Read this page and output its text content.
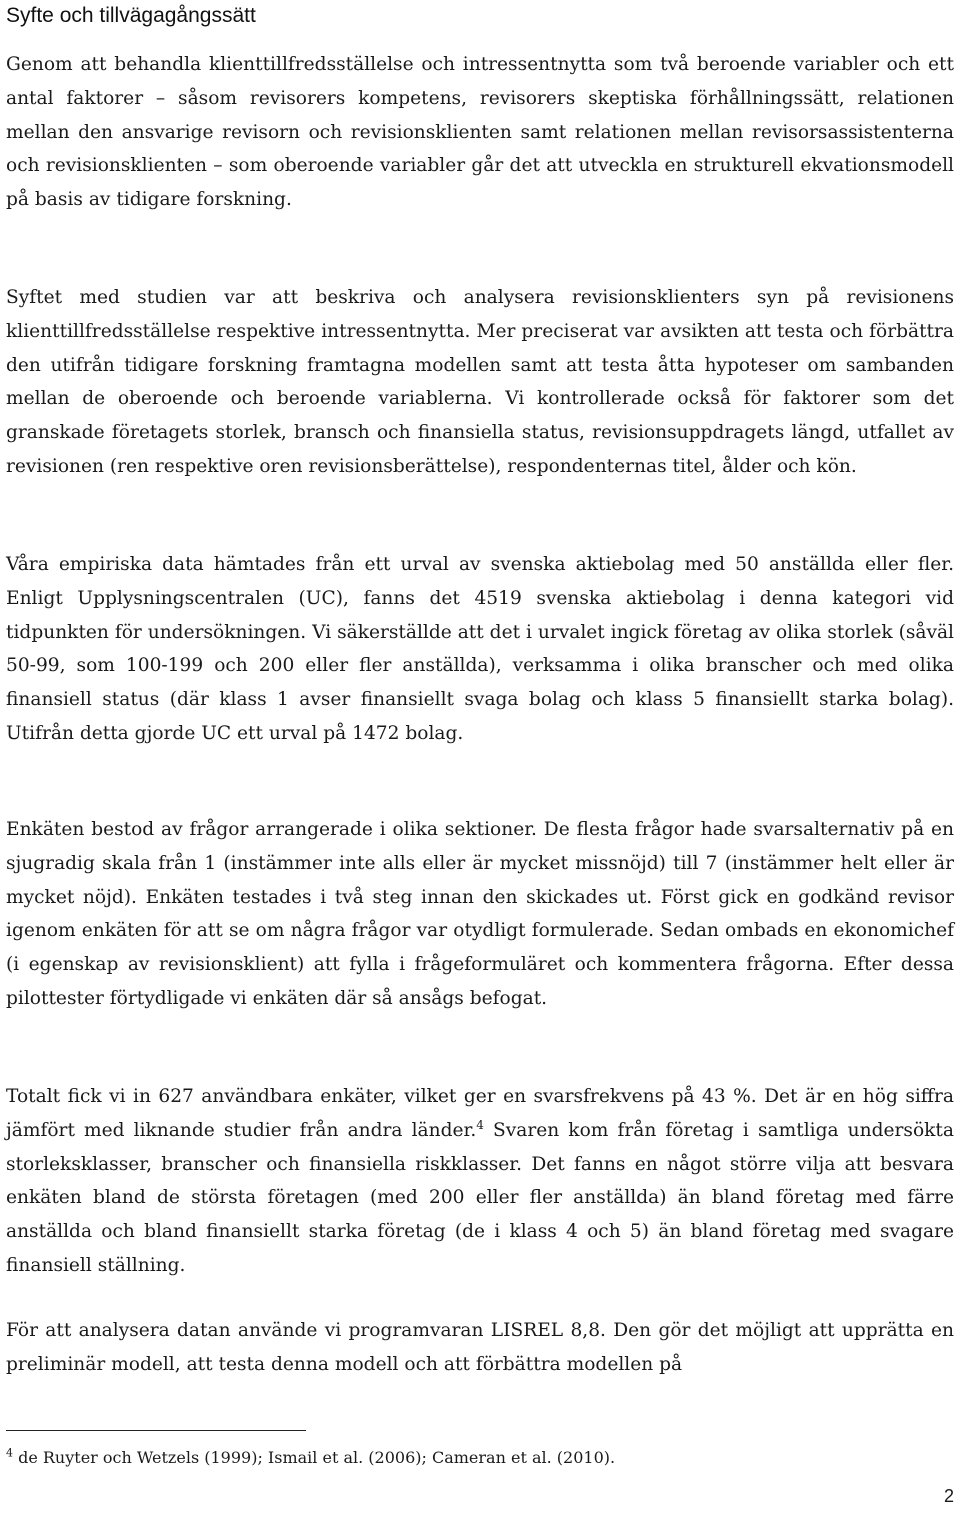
Syfte och tillvägagångssätt

Genom att behandla klienttillfredsställelse och intressentnytta som två beroende variabler och ett antal faktorer – såsom revisorers kompetens, revisorers skeptiska förhållningssätt, relationen mellan den ansvarige revisorn och revisionsklienten samt relationen mellan revisorsassistenterna och revisionsklienten – som oberoende variabler går det att utveckla en strukturell ekvationsmodell på basis av tidigare forskning.

Syftet med studien var att beskriva och analysera revisionsklienters syn på revisionens klienttillfredsställelse respektive intressentnytta. Mer preciserat var avsikten att testa och förbättra den utifrån tidigare forskning framtagna modellen samt att testa åtta hypoteser om sambanden mellan de oberoende och beroende variablerna. Vi kontrollerade också för faktorer som det granskade företagets storlek, bransch och finansiella status, revisionsuppdragets längd, utfallet av revisionen (ren respektive oren revisionsberättelse), respondenternas titel, ålder och kön.

Våra empiriska data hämtades från ett urval av svenska aktiebolag med 50 anställda eller fler. Enligt Upplysningscentralen (UC), fanns det 4519 svenska aktiebolag i denna kategori vid tidpunkten för undersökningen. Vi säkerställde att det i urvalet ingick företag av olika storlek (såväl 50-99, som 100-199 och 200 eller fler anställda), verksamma i olika branscher och med olika finansiell status (där klass 1 avser finansiellt svaga bolag och klass 5 finansiellt starka bolag). Utifrån detta gjorde UC ett urval på 1472 bolag.

Enkäten bestod av frågor arrangerade i olika sektioner. De flesta frågor hade svarsalternativ på en sjugradig skala från 1 (instämmer inte alls eller är mycket missnöjd) till 7 (instämmer helt eller är mycket nöjd). Enkäten testades i två steg innan den skickades ut. Först gick en godkänd revisor igenom enkäten för att se om några frågor var otydligt formulerade. Sedan ombads en ekonomichef (i egenskap av revisionsklient) att fylla i frågeformuläret och kommentera frågorna. Efter dessa pilottester förtydligade vi enkäten där så ansågs befogat.

Totalt fick vi in 627 användbara enkäter, vilket ger en svarsfrekvens på 43 %. Det är en hög siffra jämfört med liknande studier från andra länder.$^4$ Svaren kom från företag i samtliga undersökta storleksklasser, branscher och finansiella riskklasser. Det fanns en något större vilja att besvara enkäten bland de största företagen (med 200 eller fler anställda) än bland företag med färre anställda och bland finansiellt starka företag (de i klass 4 och 5) än bland företag med svagare finansiell ställning.

För att analysera datan använde vi programvaran LISREL 8,8. Den gör det möjligt att upprätta en preliminär modell, att testa denna modell och att förbättra modellen på

$^4$ de Ruyter och Wetzels (1999); Ismail et al. (2006); Cameran et al. (2010).

2
